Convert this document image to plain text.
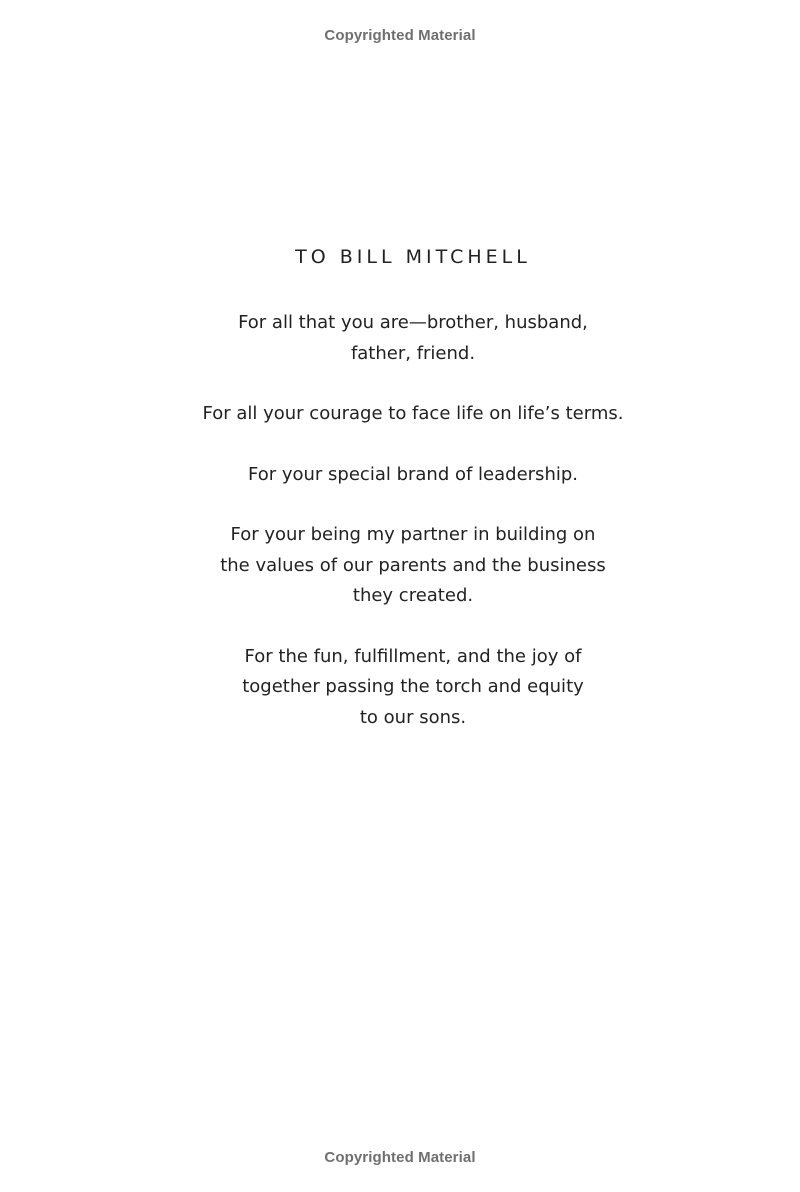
Copyrighted Material
TO BILL MITCHELL
For all that you are—brother, husband,
father, friend.
For all your courage to face life on life’s terms.
For your special brand of leadership.
For your being my partner in building on
the values of our parents and the business
they created.
For the fun, fulfillment, and the joy of
together passing the torch and equity
to our sons.
Copyrighted Material
